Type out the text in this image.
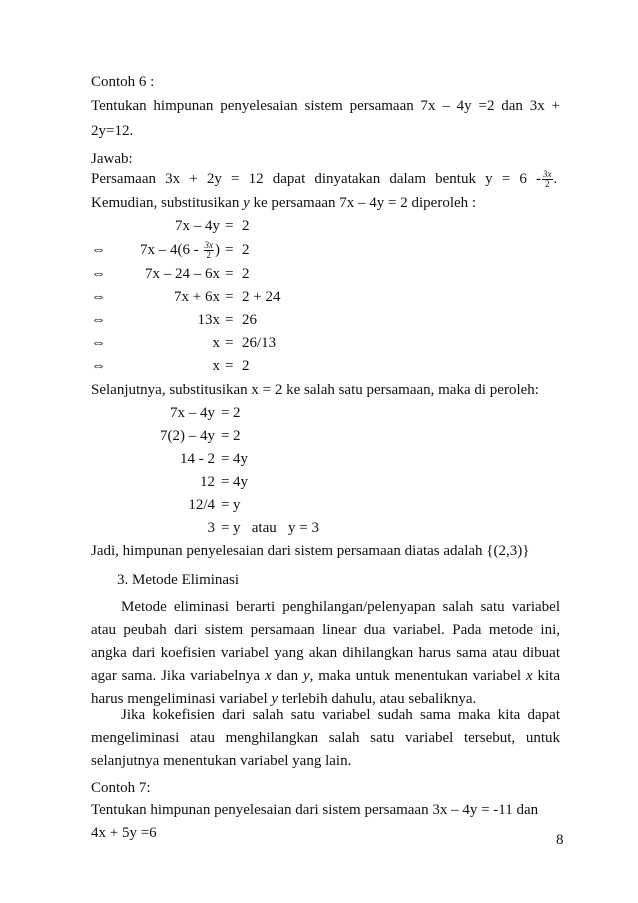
Contoh 6 :
Tentukan himpunan penyelesaian sistem persamaan 7x – 4y =2 dan 3x +
2y=12.
Jawab:
Persamaan 3x + 2y = 12 dapat dinyatakan dalam bentuk $y = 6 - \frac{3x}{2}$ .
Kemudian, substitusikan y ke persamaan 7x – 4y = 2 diperoleh :
7x – 4y = 2
⇔ $7x - 4(6 - \frac{3x}{2}$ ) = 2
⇔	7x – 24 – 6x = 2
⇔	7x + 6x = 2 + 24
⇔	13x = 26
⇔	x = 26/13
⇔	x = 2
Selanjutnya, substitusikan x = 2 ke salah satu persamaan, maka di peroleh:
7x – 4y = 2
7(2) – 4y = 2
14 - 2 = 4y
12 = 4y
12/4 = y
3 = y   atau   y = 3
Jadi, himpunan penyelesaian dari sistem persamaan diatas adalah {(2,3)}
3. Metode Eliminasi
Metode eliminasi berarti penghilangan/pelenyapan salah satu variabel atau peubah dari sistem persamaan linear dua variabel. Pada metode ini, angka dari koefisien variabel yang akan dihilangkan harus sama atau dibuat agar sama. Jika variabelnya x dan y, maka untuk menentukan variabel x kita harus mengeliminasi variabel y terlebih dahulu, atau sebaliknya.
Jika kokefisien dari salah satu variabel sudah sama maka kita dapat mengeliminasi atau menghilangkan salah satu variabel tersebut, untuk selanjutnya menentukan variabel yang lain.
Contoh 7:
Tentukan himpunan penyelesaian dari sistem persamaan 3x – 4y = -11 dan
4x + 5y =6	8
